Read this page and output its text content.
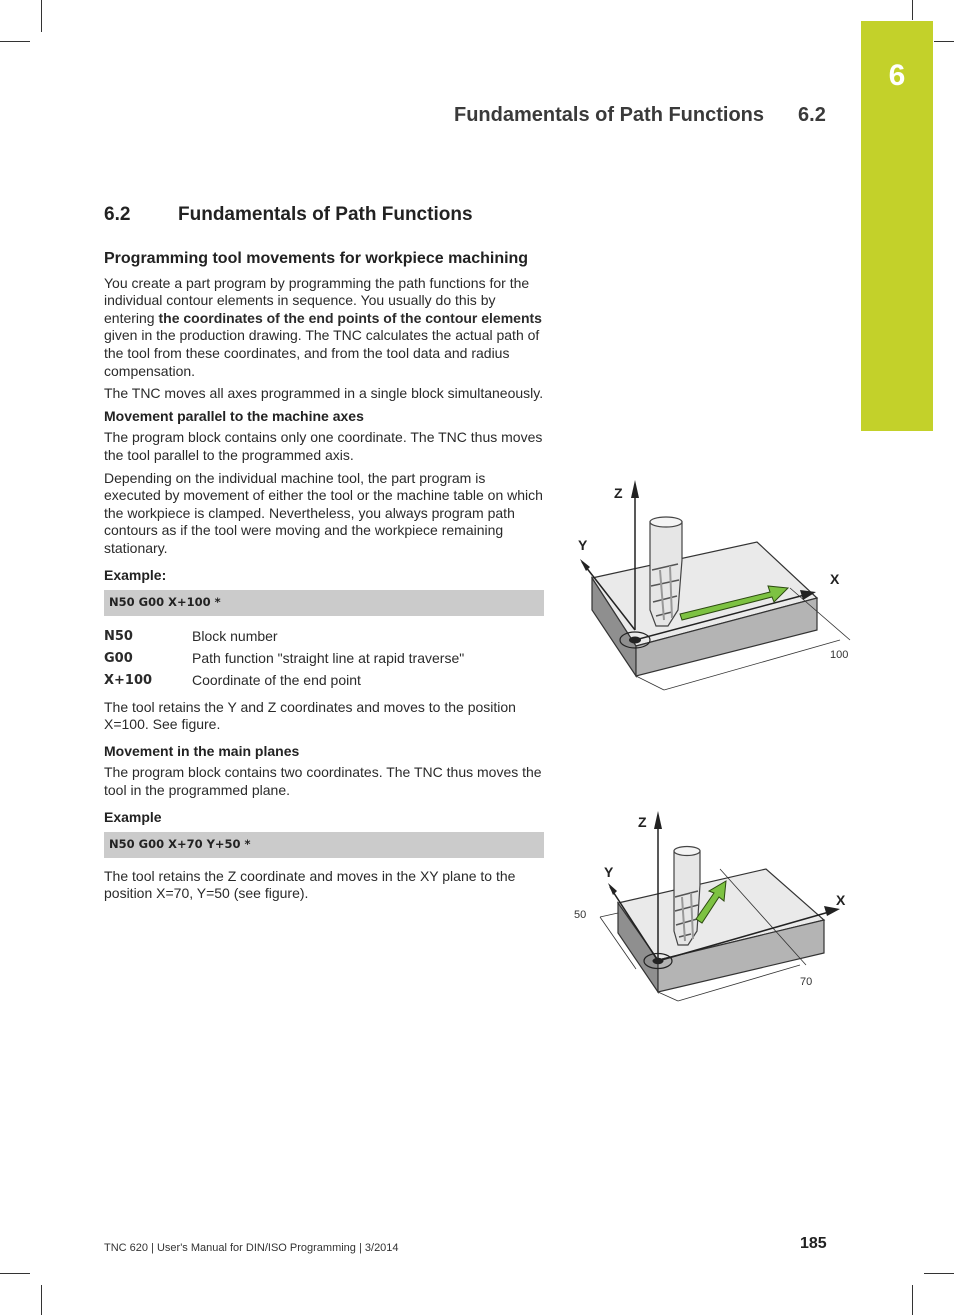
6
Fundamentals of Path Functions 6.2
6.2	Fundamentals of Path Functions
Programming tool movements for workpiece machining

You create a part program by programming the path functions for the individual contour elements in sequence. You usually do this by entering the coordinates of the end points of the contour elements given in the production drawing. The TNC calculates the actual path of the tool from these coordinates, and from the tool data and radius compensation.

The TNC moves all axes programmed in a single block simultaneously.

Movement parallel to the machine axes

The program block contains only one coordinate. The TNC thus moves the tool parallel to the programmed axis.

Depending on the individual machine tool, the part program is executed by movement of either the tool or the machine table on which the workpiece is clamped. Nevertheless, you always program path contours as if the tool were moving and the workpiece remaining stationary.

Example:
N50 G00 X+100 *
N50	Block number
G00	Path function "straight line at rapid traverse"
X+100	Coordinate of the end point

The tool retains the Y and Z coordinates and moves to the position X=100. See figure.

Movement in the main planes

The program block contains two coordinates. The TNC thus moves the tool in the programmed plane.

Example
N50 G00 X+70 Y+50 *

The tool retains the Z coordinate and moves in the XY plane to the position X=70, Y=50 (see figure).

Z
Y
X
100
Z
Y
X
50
70
TNC 620 | User's Manual for DIN/ISO Programming | 3/2014	185
